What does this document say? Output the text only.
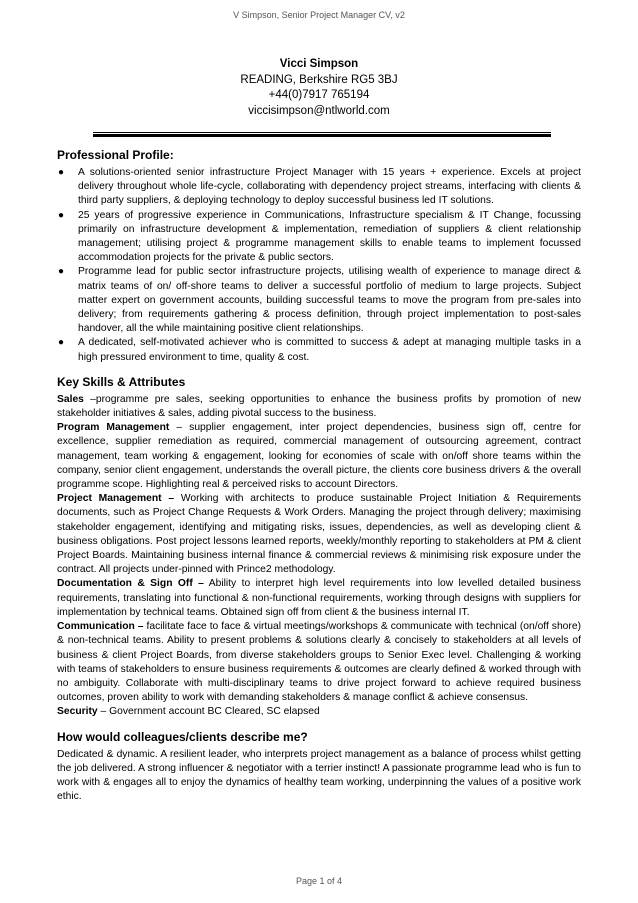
V Simpson, Senior Project Manager CV, v2
Vicci Simpson
READING, Berkshire RG5 3BJ
+44(0)7917 765194
viccisimpson@ntlworld.com
Professional Profile:
● A solutions-oriented senior infrastructure Project Manager with 15 years + experience. Excels at project delivery throughout whole life-cycle, collaborating with dependency project streams, interfacing with clients & third party suppliers, & deploying technology to deploy successful business led IT solutions.
● 25 years of progressive experience in Communications, Infrastructure specialism & IT Change, focussing primarily on infrastructure development & implementation, remediation of suppliers & client relationship management; utilising project & programme management skills to enable teams to implement focussed accommodation projects for the private & public sectors.
● Programme lead for public sector infrastructure projects, utilising wealth of experience to manage direct & matrix teams of on/ off-shore teams to deliver a successful portfolio of medium to large projects. Subject matter expert on government accounts, building successful teams to move the program from pre-sales into delivery; from requirements gathering & process definition, through project implementation to post-sales handover, all the while maintaining positive client relationships.
● A dedicated, self-motivated achiever who is committed to success & adept at managing multiple tasks in a high pressured environment to time, quality & cost.
Key Skills & Attributes

Sales –programme pre sales, seeking opportunities to enhance the business profits by promotion of new stakeholder initiatives & sales, adding pivotal success to the business.

Program Management – supplier engagement, inter project dependencies, business sign off, centre for excellence, supplier remediation as required, commercial management of outsourcing agreement, contract management, team working & engagement, looking for economies of scale with on/off shore teams within the company, senior client engagement, understands the overall picture, the clients core business drivers & the overall programme scope. Highlighting real & perceived risks to account Directors.

Project Management – Working with architects to produce sustainable Project Initiation & Requirements documents, such as Project Change Requests & Work Orders. Managing the project through delivery; maximising stakeholder engagement, identifying and mitigating risks, issues, dependencies, as well as developing client & business obligations. Post project lessons learned reports, weekly/monthly reporting to stakeholders at PM & client Project Boards. Maintaining business internal finance & commercial reviews & minimising risk exposure under the contract. All projects under-pinned with Prince2 methodology.

Documentation & Sign Off – Ability to interpret high level requirements into low levelled detailed business requirements, translating into functional & non-functional requirements, working through designs with suppliers for implementation by technical teams. Obtained sign off from client & the business internal IT.

Communication – facilitate face to face & virtual meetings/workshops & communicate with technical (on/off shore) & non-technical teams. Ability to present problems & solutions clearly & concisely to stakeholders at all levels of business & client Project Boards, from diverse stakeholders groups to Senior Exec level. Challenging & working with teams of stakeholders to ensure business requirements & outcomes are clearly defined & worked through with no ambiguity. Collaborate with multi-disciplinary teams to drive project forward to achieve required business outcomes, proven ability to work with demanding stakeholders & manage conflict & achieve consensus.

Security – Government account BC Cleared, SC elapsed

How would colleagues/clients describe me?

Dedicated & dynamic. A resilient leader, who interprets project management as a balance of process whilst getting the job delivered. A strong influencer & negotiator with a terrier instinct! A passionate programme lead who is fun to work with & engages all to enjoy the dynamics of healthy team working, underpinning the values of a positive work ethic.

Page 1 of 4
